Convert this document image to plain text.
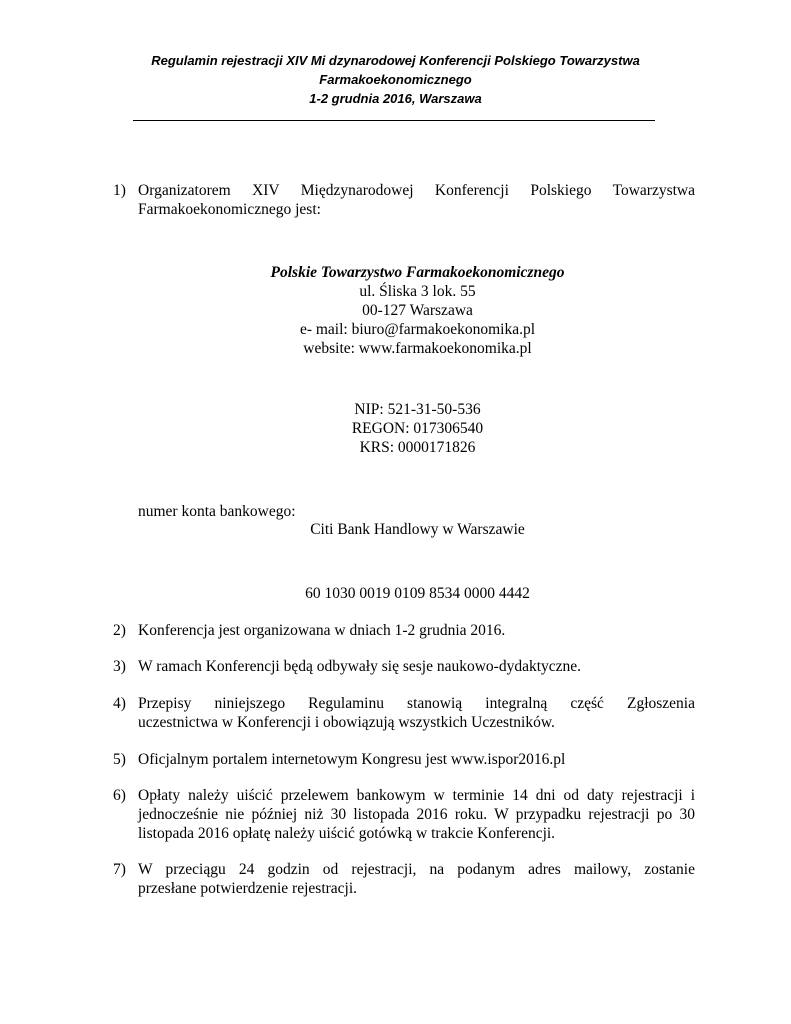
Regulamin rejestracji XIV Mi dzynarodowej Konferencji Polskiego Towarzystwa
Farmakoekonomicznego
1-2 grudnia 2016, Warszawa
1) Organizatorem XIV Międzynarodowej Konferencji Polskiego Towarzystwa
Farmakoekonomicznego jest:
Polskie Towarzystwo Farmakoekonomicznego
ul. Śliska 3 lok. 55
00-127 Warszawa
e- mail: biuro@farmakoekonomika.pl
website: www.farmakoekonomika.pl
NIP: 521-31-50-536
REGON: 017306540
KRS: 0000171826
numer konta bankowego:
Citi Bank Handlowy w Warszawie
60 1030 0019 0109 8534 0000 4442
2) Konferencja jest organizowana w dniach 1-2 grudnia 2016.
3) W ramach Konferencji będą odbywały się sesje naukowo-dydaktyczne.
4) Przepisy niniejszego Regulaminu stanowią integralną część Zgłoszenia
uczestnictwa w Konferencji i obowiązują wszystkich Uczestników.
5) Oficjalnym portalem internetowym Kongresu jest www.ispor2016.pl
6) Opłaty należy uiścić przelewem bankowym w terminie 14 dni od daty rejestracji i
jednocześnie nie później niż 30 listopada 2016 roku. W przypadku rejestracji po 30
listopada 2016 opłatę należy uiścić gotówką w trakcie Konferencji.
7) W przeciągu 24 godzin od rejestracji, na podanym adres mailowy, zostanie
przesłane potwierdzenie rejestracji.
